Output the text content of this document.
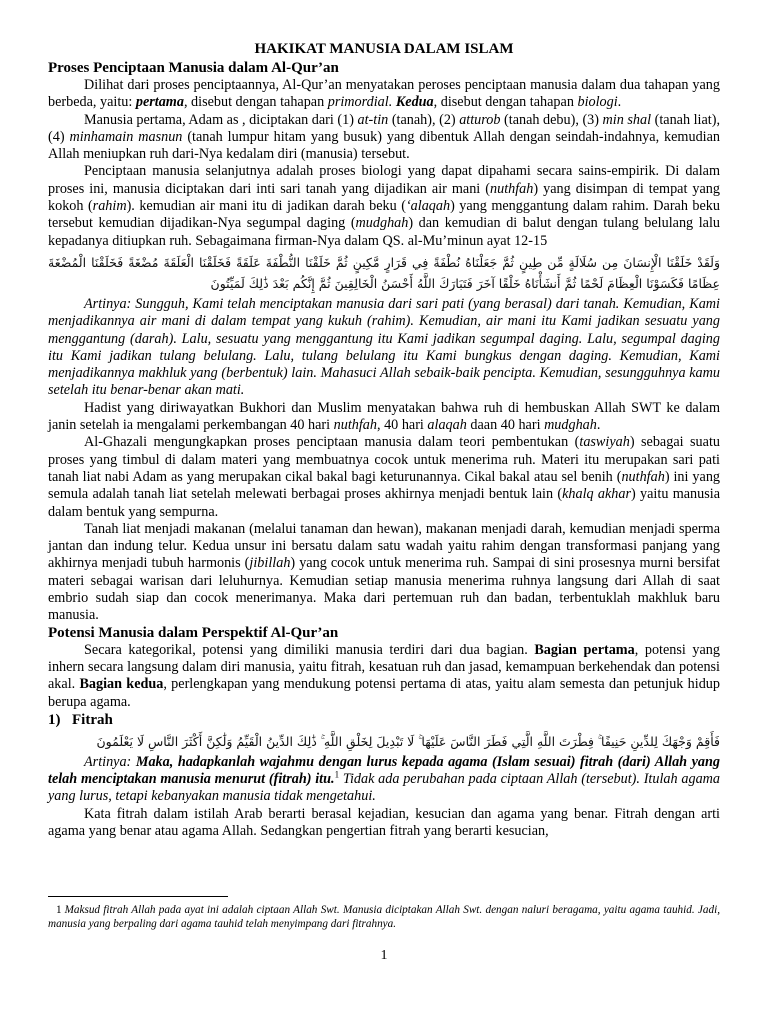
HAKIKAT MANUSIA DALAM ISLAM
Proses Penciptaan Manusia dalam Al-Qur’an

Dilihat dari proses penciptaannya, Al-Qur’an menyatakan peroses penciptaan manusia dalam dua tahapan yang berbeda, yaitu: pertama, disebut dengan tahapan primordial. Kedua, disebut dengan tahapan biologi.

Manusia pertama, Adam as , diciptakan dari (1) at-tin (tanah), (2) atturob (tanah debu), (3) min shal (tanah liat), (4) minhamain masnun (tanah lumpur hitam yang busuk) yang dibentuk Allah dengan seindah-indahnya, kemudian Allah meniupkan ruh dari-Nya kedalam diri (manusia) tersebut.

Penciptaan manusia selanjutnya adalah proses biologi yang dapat dipahami secara sains-empirik. Di dalam proses ini, manusia diciptakan dari inti sari tanah yang dijadikan air mani (nuthfah) yang disimpan di tempat yang kokoh (rahim). kemudian air mani itu di jadikan darah beku (‘alaqah) yang menggantung dalam rahim. Darah beku tersebut kemudian dijadikan-Nya segumpal daging (mudghah) dan kemudian di balut dengan tulang belulang lalu kepadanya ditiupkan ruh. Sebagaimana firman-Nya dalam QS. al-Mu’minun ayat 12-15

وَلَقَدْ خَلَقْنَا الْإِنسَانَ مِن سُلَالَةٍ مِّن طِينٍ ثُمَّ جَعَلْنَاهُ نُطْفَةً فِي قَرَارٍ مَّكِينٍ ثُمَّ خَلَقْنَا النُّطْفَةَ عَلَقَةً فَخَلَقْنَا الْعَلَقَةَ مُضْغَةً فَخَلَقْنَا الْمُضْغَةَ عِظَامًا فَكَسَوْنَا الْعِظَامَ لَحْمًا ثُمَّ أَنشَأْنَاهُ خَلْقًا آخَرَ فَتَبَارَكَ اللَّهُ أَحْسَنُ الْخَالِقِينَ ثُمَّ إِنَّكُم بَعْدَ ذَٰلِكَ لَمَيِّتُونَ

Artinya: Sungguh, Kami telah menciptakan manusia dari sari pati (yang berasal) dari tanah. Kemudian, Kami menjadikannya air mani di dalam tempat yang kukuh (rahim). Kemudian, air mani itu Kami jadikan sesuatu yang menggantung (darah). Lalu, sesuatu yang menggantung itu Kami jadikan segumpal daging. Lalu, segumpal daging itu Kami jadikan tulang belulang. Lalu, tulang belulang itu Kami bungkus dengan daging. Kemudian, Kami menjadikannya makhluk yang (berbentuk) lain. Mahasuci Allah sebaik-baik pencipta. Kemudian, sesungguhnya kamu setelah itu benar-benar akan mati.

Hadist yang diriwayatkan Bukhori dan Muslim menyatakan bahwa ruh di hembuskan Allah SWT ke dalam janin setelah ia mengalami perkembangan 40 hari nuthfah, 40 hari alaqah daan 40 hari mudghah.

Al-Ghazali mengungkapkan proses penciptaan manusia dalam teori pembentukan (taswiyah) sebagai suatu proses yang timbul di dalam materi yang membuatnya cocok untuk menerima ruh. Materi itu merupakan sari pati tanah liat nabi Adam as yang merupakan cikal bakal bagi keturunannya. Cikal bakal atau sel benih (nuthfah) ini yang semula adalah tanah liat setelah melewati berbagai proses akhirnya menjadi bentuk lain (khalq akhar) yaitu manusia dalam bentuk yang sempurna.

Tanah liat menjadi makanan (melalui tanaman dan hewan), makanan menjadi darah, kemudian menjadi sperma jantan dan indung telur. Kedua unsur ini bersatu dalam satu wadah yaitu rahim dengan transformasi panjang yang akhirnya menjadi tubuh harmonis (jibillah) yang cocok untuk menerima ruh. Sampai di sini prosesnya murni bersifat materi sebagai warisan dari leluhurnya. Kemudian setiap manusia menerima ruhnya langsung dari Allah di saat embrio sudah siap dan cocok menerimanya. Maka dari pertemuan ruh dan badan, terbentuklah makhluk baru manusia.

Potensi Manusia dalam Perspektif Al-Qur’an

Secara kategorikal, potensi yang dimiliki manusia terdiri dari dua bagian. Bagian pertama, potensi yang inhern secara langsung dalam diri manusia, yaitu fitrah, kesatuan ruh dan jasad, kemampuan berkehendak dan potensi akal. Bagian kedua, perlengkapan yang mendukung potensi pertama di atas, yaitu alam semesta dan petunjuk hidup berupa agama.

1) Fitrah
فَأَقِمْ وَجْهَكَ لِلدِّينِ حَنِيفًا ۚ فِطْرَتَ اللَّهِ الَّتِي فَطَرَ النَّاسَ عَلَيْهَا ۚ لَا تَبْدِيلَ لِخَلْقِ اللَّهِ ۚ ذَٰلِكَ الدِّينُ الْقَيِّمُ وَلَٰكِنَّ أَكْثَرَ النَّاسِ لَا يَعْلَمُونَ

Artinya: Maka, hadapkanlah wajahmu dengan lurus kepada agama (Islam sesuai) fitrah (dari) Allah yang telah menciptakan manusia menurut (fitrah) itu.$^1$ Tidak ada perubahan pada ciptaan Allah (tersebut). Itulah agama yang lurus, tetapi kebanyakan manusia tidak mengetahui.

Kata fitrah dalam istilah Arab berarti berasal kejadian, kesucian dan agama yang benar. Fitrah dengan arti agama yang benar atau agama Allah. Sedangkan pengertian fitrah yang berarti kesucian,

1 Maksud fitrah Allah pada ayat ini adalah ciptaan Allah Swt. Manusia diciptakan Allah Swt. dengan naluri beragama, yaitu agama tauhid. Jadi, manusia yang berpaling dari agama tauhid telah menyimpang dari fitrahnya.
1
